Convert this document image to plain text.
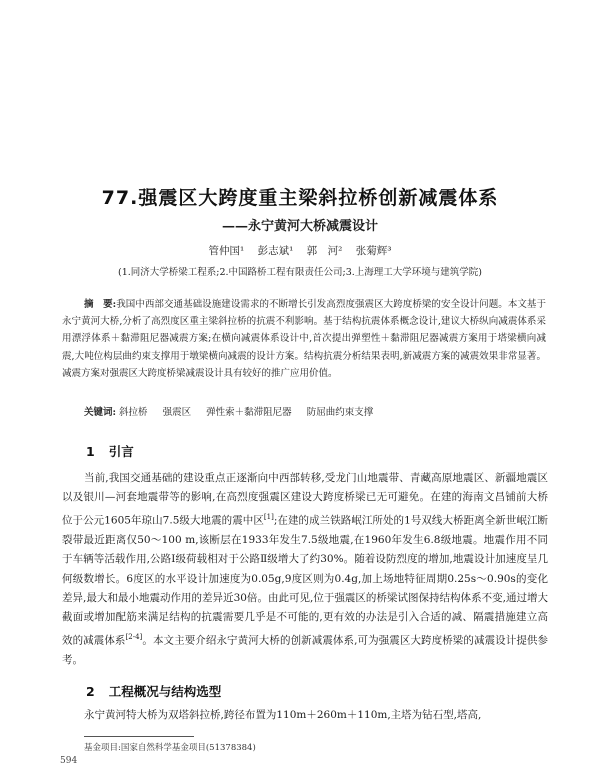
77.强震区大跨度重主梁斜拉桥创新减震体系
——永宁黄河大桥减震设计
管仲国¹ 彭志斌¹ 郭　河² 张菊辉³
(1.同济大学桥梁工程系;2.中国路桥工程有限责任公司;3.上海理工大学环境与建筑学院)
摘　要:我国中西部交通基础设施建设需求的不断增长引发高烈度强震区大跨度桥梁的安全设计问题。本文基于永宁黄河大桥,分析了高烈度区重主梁斜拉桥的抗震不利影响。基于结构抗震体系概念设计,建议大桥纵向减震体系采用漂浮体系＋黏滞阻尼器减震方案;在横向减震体系设计中,首次提出弹塑性＋黏滞阻尼器减震方案用于塔梁横向减震,大吨位构层曲约束支撑用于墩梁横向减震的设计方案。结构抗震分析结果表明,新减震方案的减震效果非常显著。减震方案对强震区大跨度桥梁减震设计具有较好的推广应用价值。
关键词: 斜拉桥 强震区 弹性索＋黏滞阻尼器 防屈曲约束支撑
1 引言
当前,我国交通基础的建设重点正逐渐向中西部转移,受龙门山地震带、青藏高原地震区、新疆地震区以及银川—河套地震带等的影响,在高烈度强震区建设大跨度桥梁已无可避免。在建的海南文昌铺前大桥位于公元1605年琼山7.5级大地震的震中区[1];在建的成兰铁路岷江所处的1号双线大桥距离全新世岷江断裂带最近距离仅50～100 m,该断层在1933年发生7.5级地震,在1960年发生6.8级地震。地震作用不同于车辆等活载作用,公路Ⅰ级荷载相对于公路Ⅱ级增大了约30%。随着设防烈度的增加,地震设计加速度呈几何级数增长。6度区的水平设计加速度为0.05g,9度区则为0.4g,加上场地特征周期0.25s～0.90s的变化差异,最大和最小地震动作用的差异近30倍。由此可见,位于强震区的桥梁试图保持结构体系不变,通过增大截面或增加配筋来满足结构的抗震需要几乎是不可能的,更有效的办法是引入合适的减、隔震措施建立高效的减震体系[2-4]。本文主要介绍永宁黄河大桥的创新减震体系,可为强震区大跨度桥梁的减震设计提供参考。
2 工程概况与结构选型
永宁黄河特大桥为双塔斜拉桥,跨径布置为110m＋260m＋110m,主塔为钻石型,塔高,
基金项目:国家自然科学基金项目(51378384)
594
